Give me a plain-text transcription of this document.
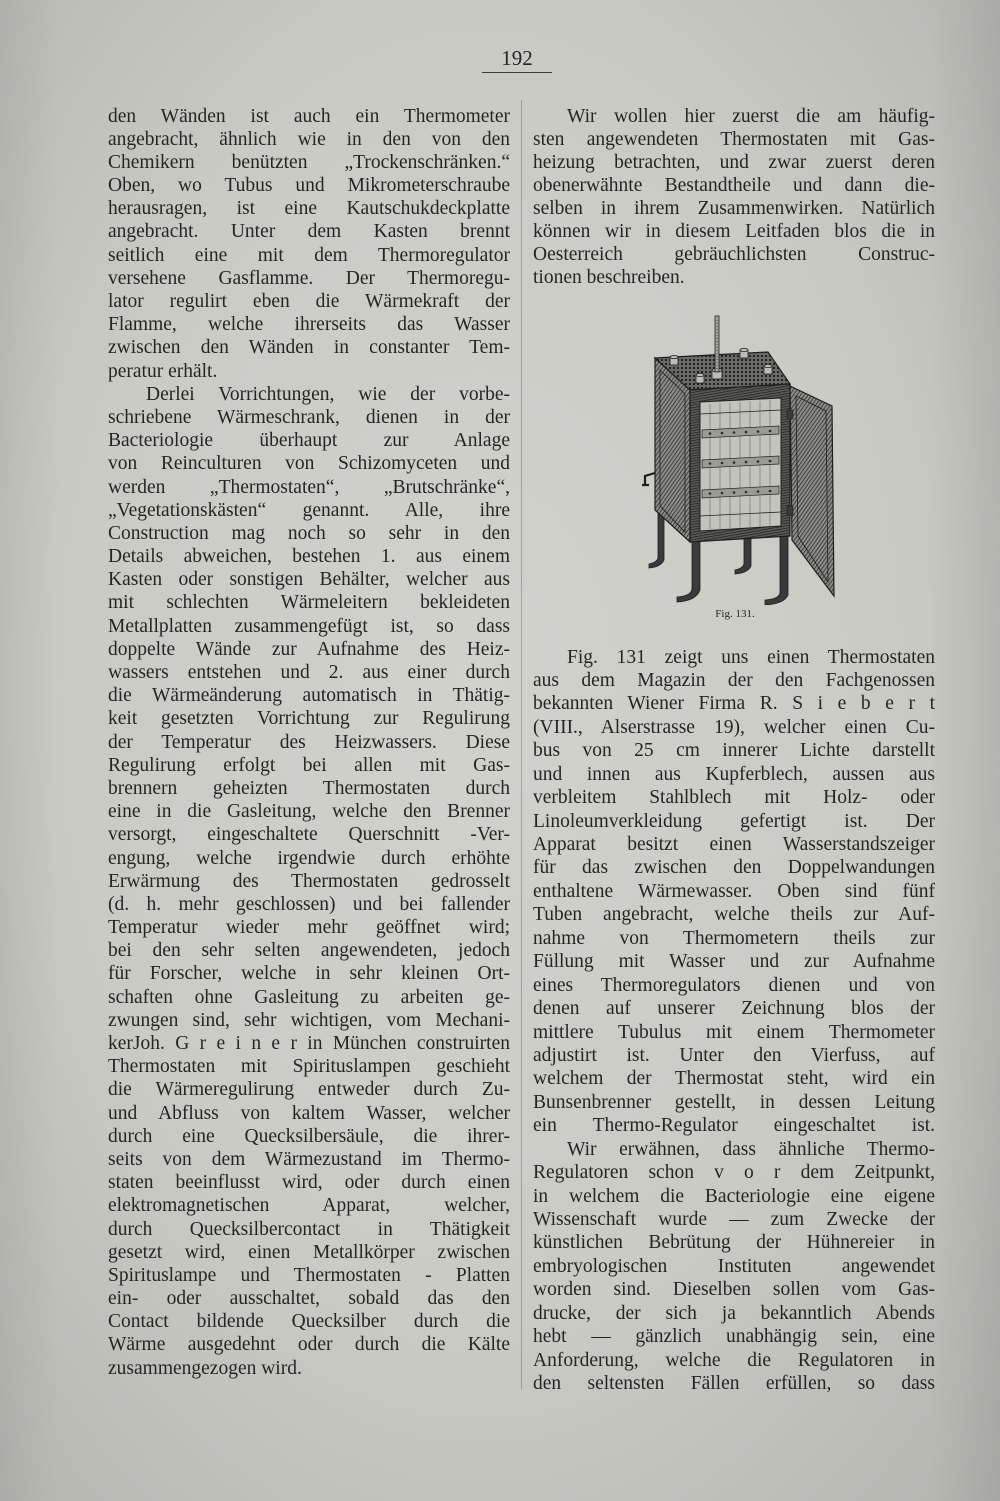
192
den Wänden ist auch ein Thermometer
angebracht, ähnlich wie in den von den
Chemikern benützten „Trockenschränken.“
Oben, wo Tubus und Mikrometerschraube
herausragen, ist eine Kautschukdeckplatte
angebracht. Unter dem Kasten brennt
seitlich eine mit dem Thermoregulator
versehene Gasflamme. Der Thermoregu-
lator regulirt eben die Wärmekraft der
Flamme, welche ihrerseits das Wasser
zwischen den Wänden in constanter Tem-
peratur erhält.
Derlei Vorrichtungen, wie der vorbe-
schriebene Wärmeschrank, dienen in der
Bacteriologie überhaupt zur Anlage
von Reinculturen von Schizomyceten und
werden „Thermostaten“, „Brutschränke“,
„Vegetationskästen“ genannt. Alle, ihre
Construction mag noch so sehr in den
Details abweichen, bestehen 1. aus einem
Kasten oder sonstigen Behälter, welcher aus
mit schlechten Wärmeleitern bekleideten
Metallplatten zusammengefügt ist, so dass
doppelte Wände zur Aufnahme des Heiz-
wassers entstehen und 2. aus einer durch
die Wärmeänderung automatisch in Thätig-
keit gesetzten Vorrichtung zur Regulirung
der Temperatur des Heizwassers. Diese
Regulirung erfolgt bei allen mit Gas-
brennern geheizten Thermostaten durch
eine in die Gasleitung, welche den Brenner
versorgt, eingeschaltete Querschnitt -Ver-
engung, welche irgendwie durch erhöhte
Erwärmung des Thermostaten gedrosselt
(d. h. mehr geschlossen) und bei fallender
Temperatur wieder mehr geöffnet wird;
bei den sehr selten angewendeten, jedoch
für Forscher, welche in sehr kleinen Ort-
schaften ohne Gasleitung zu arbeiten ge-
zwungen sind, sehr wichtigen, vom Mechani-
kerJoh. G r e i n e r in München construirten
Thermostaten mit Spirituslampen geschieht
die Wärmeregulirung entweder durch Zu-
und Abfluss von kaltem Wasser, welcher
durch eine Quecksilbersäule, die ihrer-
seits von dem Wärmezustand im Thermo-
staten beeinflusst wird, oder durch einen
elektromagnetischen Apparat, welcher,
durch Quecksilbercontact in Thätigkeit
gesetzt wird, einen Metallkörper zwischen
Spirituslampe und Thermostaten - Platten
ein- oder ausschaltet, sobald das den
Contact bildende Quecksilber durch die
Wärme ausgedehnt oder durch die Kälte
zusammengezogen wird.
Wir wollen hier zuerst die am häufig-
sten angewendeten Thermostaten mit Gas-
heizung betrachten, und zwar zuerst deren
obenerwähnte Bestandtheile und dann die-
selben in ihrem Zusammenwirken. Natürlich
können wir in diesem Leitfaden blos die in
Oesterreich gebräuchlichsten Construc-
tionen beschreiben.
Fig. 131.
Fig. 131 zeigt uns einen Thermostaten
aus dem Magazin der den Fachgenossen
bekannten Wiener Firma R. S i e b e r t
(VIII., Alserstrasse 19), welcher einen Cu-
bus von 25 cm innerer Lichte darstellt
und innen aus Kupferblech, aussen aus
verbleitem Stahlblech mit Holz- oder
Linoleumverkleidung gefertigt ist. Der
Apparat besitzt einen Wasserstandszeiger
für das zwischen den Doppelwandungen
enthaltene Wärmewasser. Oben sind fünf
Tuben angebracht, welche theils zur Auf-
nahme von Thermometern theils zur
Füllung mit Wasser und zur Aufnahme
eines Thermoregulators dienen und von
denen auf unserer Zeichnung blos der
mittlere Tubulus mit einem Thermometer
adjustirt ist. Unter den Vierfuss, auf
welchem der Thermostat steht, wird ein
Bunsenbrenner gestellt, in dessen Leitung
ein Thermo-Regulator eingeschaltet ist.
Wir erwähnen, dass ähnliche Thermo-
Regulatoren schon v o r dem Zeitpunkt,
in welchem die Bacteriologie eine eigene
Wissenschaft wurde — zum Zwecke der
künstlichen Bebrütung der Hühnereier in
embryologischen Instituten angewendet
worden sind. Dieselben sollen vom Gas-
drucke, der sich ja bekanntlich Abends
hebt — gänzlich unabhängig sein, eine
Anforderung, welche die Regulatoren in
den seltensten Fällen erfüllen, so dass
